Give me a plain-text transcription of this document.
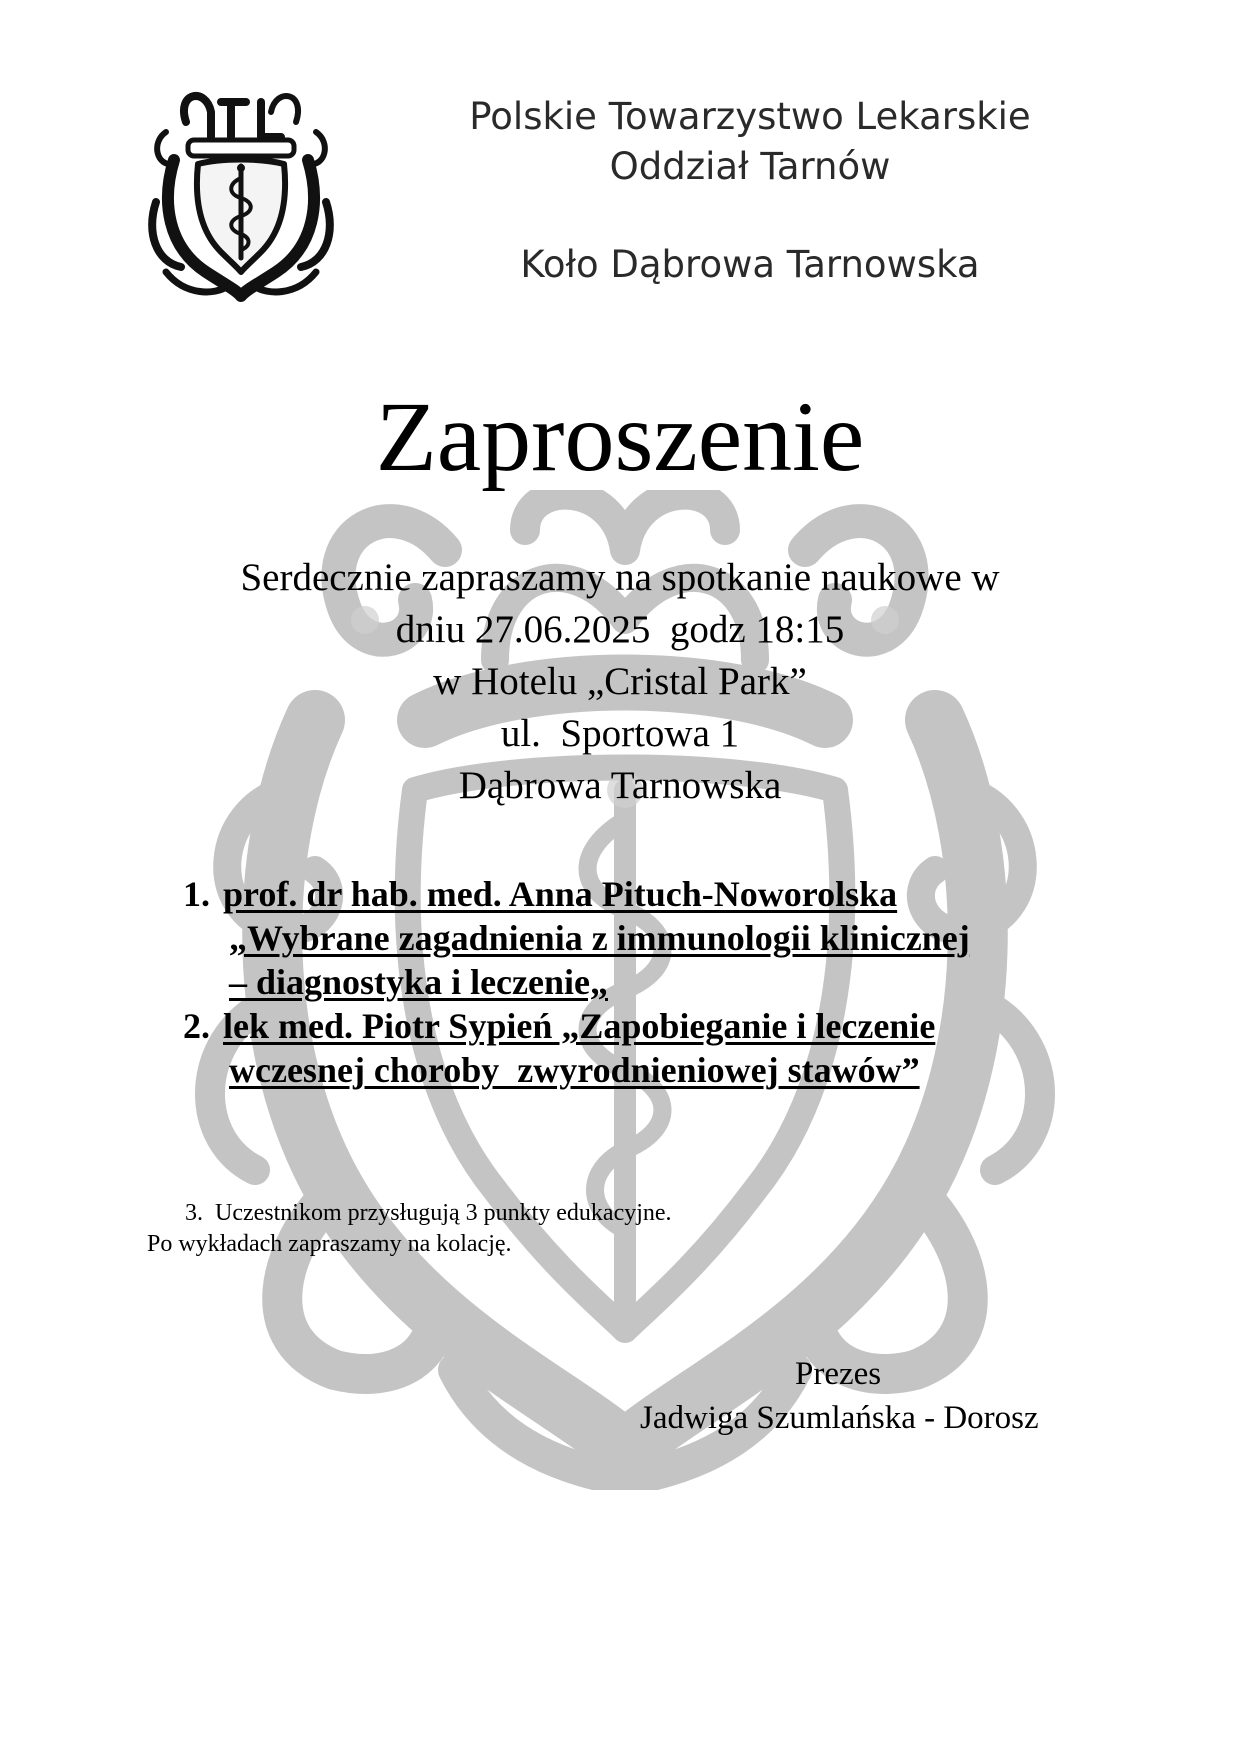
Polskie Towarzystwo Lekarskie
Oddział Tarnów
Koło Dąbrowa Tarnowska
Zaproszenie
Serdecznie zapraszamy na spotkanie naukowe w
dniu 27.06.2025  godz 18:15
w Hotelu „Cristal Park”
ul.  Sportowa 1
Dąbrowa Tarnowska
1. prof. dr hab. med. Anna Pituch-Noworolska
„Wybrane zagadnienia z immunologii klinicznej
– diagnostyka i leczenie„
2. lek med. Piotr Sypień „Zapobieganie i leczenie
wczesnej choroby  zwyrodnieniowej stawów”
3.  Uczestnikom przysługują 3 punkty edukacyjne.
Po wykładach zapraszamy na kolację.
Prezes
Jadwiga Szumlańska - Dorosz
